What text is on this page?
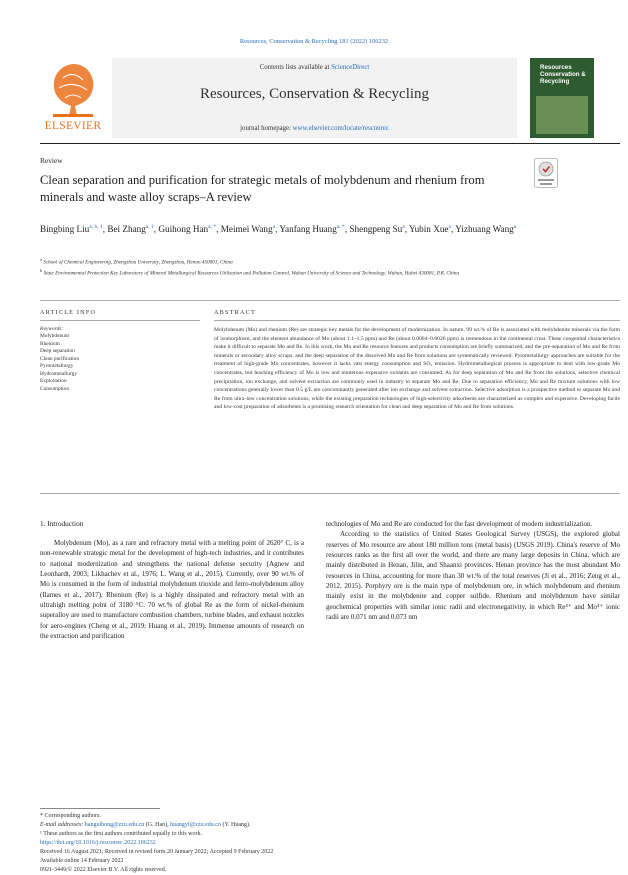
Resources, Conservation & Recycling 181 (2022) 106232
ELSEVIER
Contents lists available at ScienceDirect
Resources, Conservation & Recycling
journal homepage: www.elsevier.com/locate/resconrec
Resources Conservation & Recycling
Review
Clean separation and purification for strategic metals of molybdenum and rhenium from minerals and waste alloy scraps–A review
Bingbing Liu$^{a, b, 1}$, Bei Zhang$^{a, 1}$, Guihong Han$^{a, *}$, Meimei Wang$^a$, Yanfang Huang$^{a, *}$, Shengpeng Su$^a$, Yubin Xue$^a$, Yizhuang Wang$^a$
$^a$ School of Chemical Engineering, Zhengzhou University, Zhengzhou, Henan 450001, China
$^b$ State Environmental Protection Key Laboratory of Mineral Metallurgical Resources Utilization and Pollution Control, Wuhan University of Science and Technology, Wuhan, Hubei 430081, P.R. China
ARTICLE INFO	ABSTRACT
Keywords:
Molybdenum
Rhenium
Deep separation
Clean purification
Pyrometallurgy
Hydrometallurgy
Exploitation
Consumption
Molybdenum (Mo) and rhenium (Re) are strategic key metals for the development of modernization. In nature, 99 wt.% of Re is associated with molybdenite minerals via the form of isomorphism, and the element abundance of Mo (about 1.1–1.5 ppm) and Re (about 0.0004–0.0026 ppm) is tremendous in the continental crust. These congenital characteristics make it difficult to separate Mo and Re. In this work, the Mo and Re resource features and products consumption are briefly summarized, and the pre-separation of Mo and Re from minerals or secondary alloy scraps, and the deep separation of the dissolved Mo and Re from solutions are systematically reviewed. Pyrometallurgy approaches are suitable for the treatment of high-grade Mo concentrates, however it lacks vast energy consumption and SO₂ emission. Hydrometallurgical process is appropriate to deal with low-grade Mo concentrates, but leaching efficiency of Mo is low and numerous expensive oxidants are consumed. As for deep separation of Mo and Re from the solutions, selective chemical precipitation, ion exchange, and solvent extraction are commonly used in industry to separate Mo and Re. Due to separation efficiency, Mo and Re mixture solutions with low concentrations generally lower than 0.5 g/L are concomitantly generated after ion exchange and solvent extraction. Selective adsorption is a prospective method to separate Mo and Re from ultra-low concentration solutions, while the existing preparation technologies of high-selectivity adsorbents are characterized as complex and expensive. Developing facile and low-cost preparation of adsorbents is a promising research orientation for clean and deep separation of Mo and Re from solutions.
1. Introduction
Molybdenum (Mo), as a rare and refractory metal with a melting point of 2620° C, is a non-renewable strategic metal for the development of high-tech industries, and it contributes to national modernization and strengthens the national defense security (Agnew and Leonhardt, 2003; Likhachev et al., 1976; L. Wang et al., 2015). Currently, over 90 wt.% of Mo is consumed in the form of industrial molybdenum trioxide and ferro-molybdenum alloy (Ilames et al., 2017). Rhenium (Re) is a highly dissipated and refractory metal with an ultrahigh melting point of 3180 °C. 70 wt.% of global Re as the form of nickel-rhenium superalloy are used to manufacture combustion chambers, turbine blades, and exhaust nozzles for aero-engines (Cheng et al., 2019; Huang et al., 2019). Immense amounts of research on the extraction and purification
technologies of Mo and Re are conducted for the fast development of modern industrialization.
According to the statistics of United States Geological Survey (USGS), the explored global reserves of Mo resource are about 180 million tons (metal basis) (USGS 2019). China's reserve of Mo resources ranks as the first all over the world, and there are many large deposits in China, which are mainly distributed in Henan, Jilin, and Shaanxi provinces. Henan province has the most abundant Mo resources in China, accounting for more than 30 wt.% of the total reserves (Ji et al., 2016; Zeng et al., 2012, 2015). Porphyry ore is the main type of molybdenum ore, in which molybdenum and rhenium mainly exist in the molybdenite and copper sulfide. Rhenium and molybdenum have similar geochemical properties with similar ionic radii and electronegativity, in which Re⁴⁺ and Mo⁴⁺ ionic radii are 0.071 nm and 0.073 nm
* Corresponding authors.
E-mail addresses: hanguihong@zzu.edu.cn (G. Han), huangyf@zzu.edu.cn (Y. Huang).
¹ These authors as the first authors contributed equally to this work.
https://doi.org/10.1016/j.resconrec.2022.106232
Received 16 August 2021; Received in revised form 20 January 2022; Accepted 9 February 2022
Available online 14 February 2022
0921-3449/© 2022 Elsevier B.V. All rights reserved.
